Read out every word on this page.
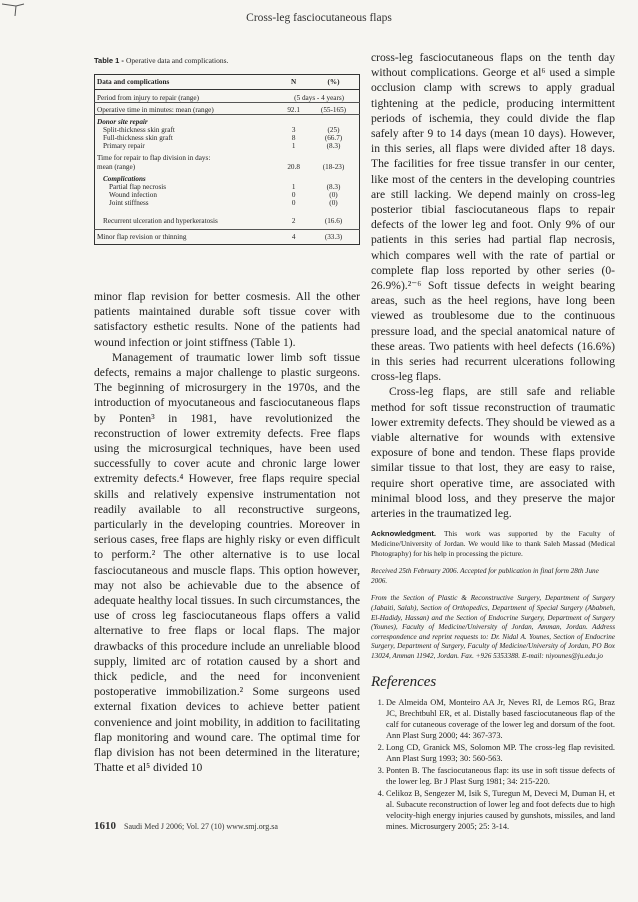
Cross-leg fasciocutaneous flaps
Table 1 - Operative data and complications.
Data and complications	N	(%)
Period from injury to repair (range)	(5 days - 4 years)	
Operative time in minutes: mean (range)	92.1	(55-165)
Donor site repair		
Split-thickness skin graft	3	(25)
Full-thickness skin graft	8	(66.7)
Primary repair	1	(8.3)
Time for repair to flap division in days:
mean (range)	20.8	(18-23)
Complications		
Partial flap necrosis	1	(8.3)
Wound infection	0	(0)
Joint stiffness	0	(0)
Recurrent ulceration and hyperkeratosis	2	(16.6)
Minor flap revision or thinning	4	(33.3)

minor flap revision for better cosmesis. All the other patients maintained durable soft tissue cover with satisfactory esthetic results. None of the patients had wound infection or joint stiffness (Table 1).

Management of traumatic lower limb soft tissue defects, remains a major challenge to plastic surgeons. The beginning of microsurgery in the 1970s, and the introduction of myocutaneous and fasciocutaneous flaps by Ponten³ in 1981, have revolutionized the reconstruction of lower extremity defects. Free flaps using the microsurgical techniques, have been used successfully to cover acute and chronic large lower extremity defects.⁴ However, free flaps require special skills and relatively expensive instrumentation not readily available to all reconstructive surgeons, particularly in the developing countries. Moreover in serious cases, free flaps are highly risky or even difficult to perform.² The other alternative is to use local fasciocutaneous and muscle flaps. This option however, may not also be achievable due to the absence of adequate healthy local tissues. In such circumstances, the use of cross leg fasciocutaneous flaps offers a valid alternative to free flaps or local flaps. The major drawbacks of this procedure include an unreliable blood supply, limited arc of rotation caused by a short and thick pedicle, and the need for inconvenient postoperative immobilization.² Some surgeons used external fixation devices to achieve better patient convenience and joint mobility, in addition to facilitating flap monitoring and wound care. The optimal time for flap division has not been determined in the literature; Thatte et al⁵ divided 10

cross-leg fasciocutaneous flaps on the tenth day without complications. George et al⁶ used a simple occlusion clamp with screws to apply gradual tightening at the pedicle, producing intermittent periods of ischemia, they could divide the flap safely after 9 to 14 days (mean 10 days). However, in this series, all flaps were divided after 18 days. The facilities for free tissue transfer in our center, like most of the centers in the developing countries are still lacking. We depend mainly on cross-leg posterior tibial fasciocutaneous flaps to repair defects of the lower leg and foot. Only 9% of our patients in this series had partial flap necrosis, which compares well with the rate of partial or complete flap loss reported by other series (0-26.9%).²⁻⁶ Soft tissue defects in weight bearing areas, such as the heel regions, have long been viewed as troublesome due to the continuous pressure load, and the special anatomical nature of these areas. Two patients with heel defects (16.6%) in this series had recurrent ulcerations following cross-leg flaps.

Cross-leg flaps, are still safe and reliable method for soft tissue reconstruction of traumatic lower extremity defects. They should be viewed as a viable alternative for wounds with extensive exposure of bone and tendon. These flaps provide similar tissue to that lost, they are easy to raise, require short operative time, are associated with minimal blood loss, and they preserve the major arteries in the traumatized leg.

Acknowledgment. This work was supported by the Faculty of Medicine/University of Jordan. We would like to thank Saleh Massad (Medical Photography) for his help in processing the picture.
Received 25th February 2006. Accepted for publication in final form 28th June 2006.
From the Section of Plastic & Reconstructive Surgery, Department of Surgery (Jabaiti, Salah), Section of Orthopedics, Department of Special Surgery (Ababneh, El-Hadidy, Hassan) and the Section of Endocrine Surgery, Department of Surgery (Younes), Faculty of Medicine/University of Jordan, Amman, Jordan. Address correspondence and reprint requests to: Dr. Nidal A. Younes, Section of Endocrine Surgery, Department of Surgery, Faculty of Medicine/University of Jordan, PO Box 13024, Amman 11942, Jordan. Fax. +926 5353388. E-mail: niyounes@ju.edu.jo
References
1. De Almeida OM, Monteiro AA Jr, Neves RI, de Lemos RG, Braz JC, Brechtbuhl ER, et al. Distally based fasciocutaneous flap of the calf for cutaneous coverage of the lower leg and dorsum of the foot. Ann Plast Surg 2000; 44: 367-373.
2. Long CD, Granick MS, Solomon MP. The cross-leg flap revisited. Ann Plast Surg 1993; 30: 560-563.
3. Ponten B. The fasciocutaneous flap: its use in soft tissue defects of the lower leg. Br J Plast Surg 1981; 34: 215-220.
4. Celikoz B, Sengezer M, Isik S, Turegun M, Deveci M, Duman H, et al. Subacute reconstruction of lower leg and foot defects due to high velocity-high energy injuries caused by gunshots, missiles, and land mines. Microsurgery 2005; 25: 3-14.
1610 Saudi Med J 2006; Vol. 27 (10) www.smj.org.sa
